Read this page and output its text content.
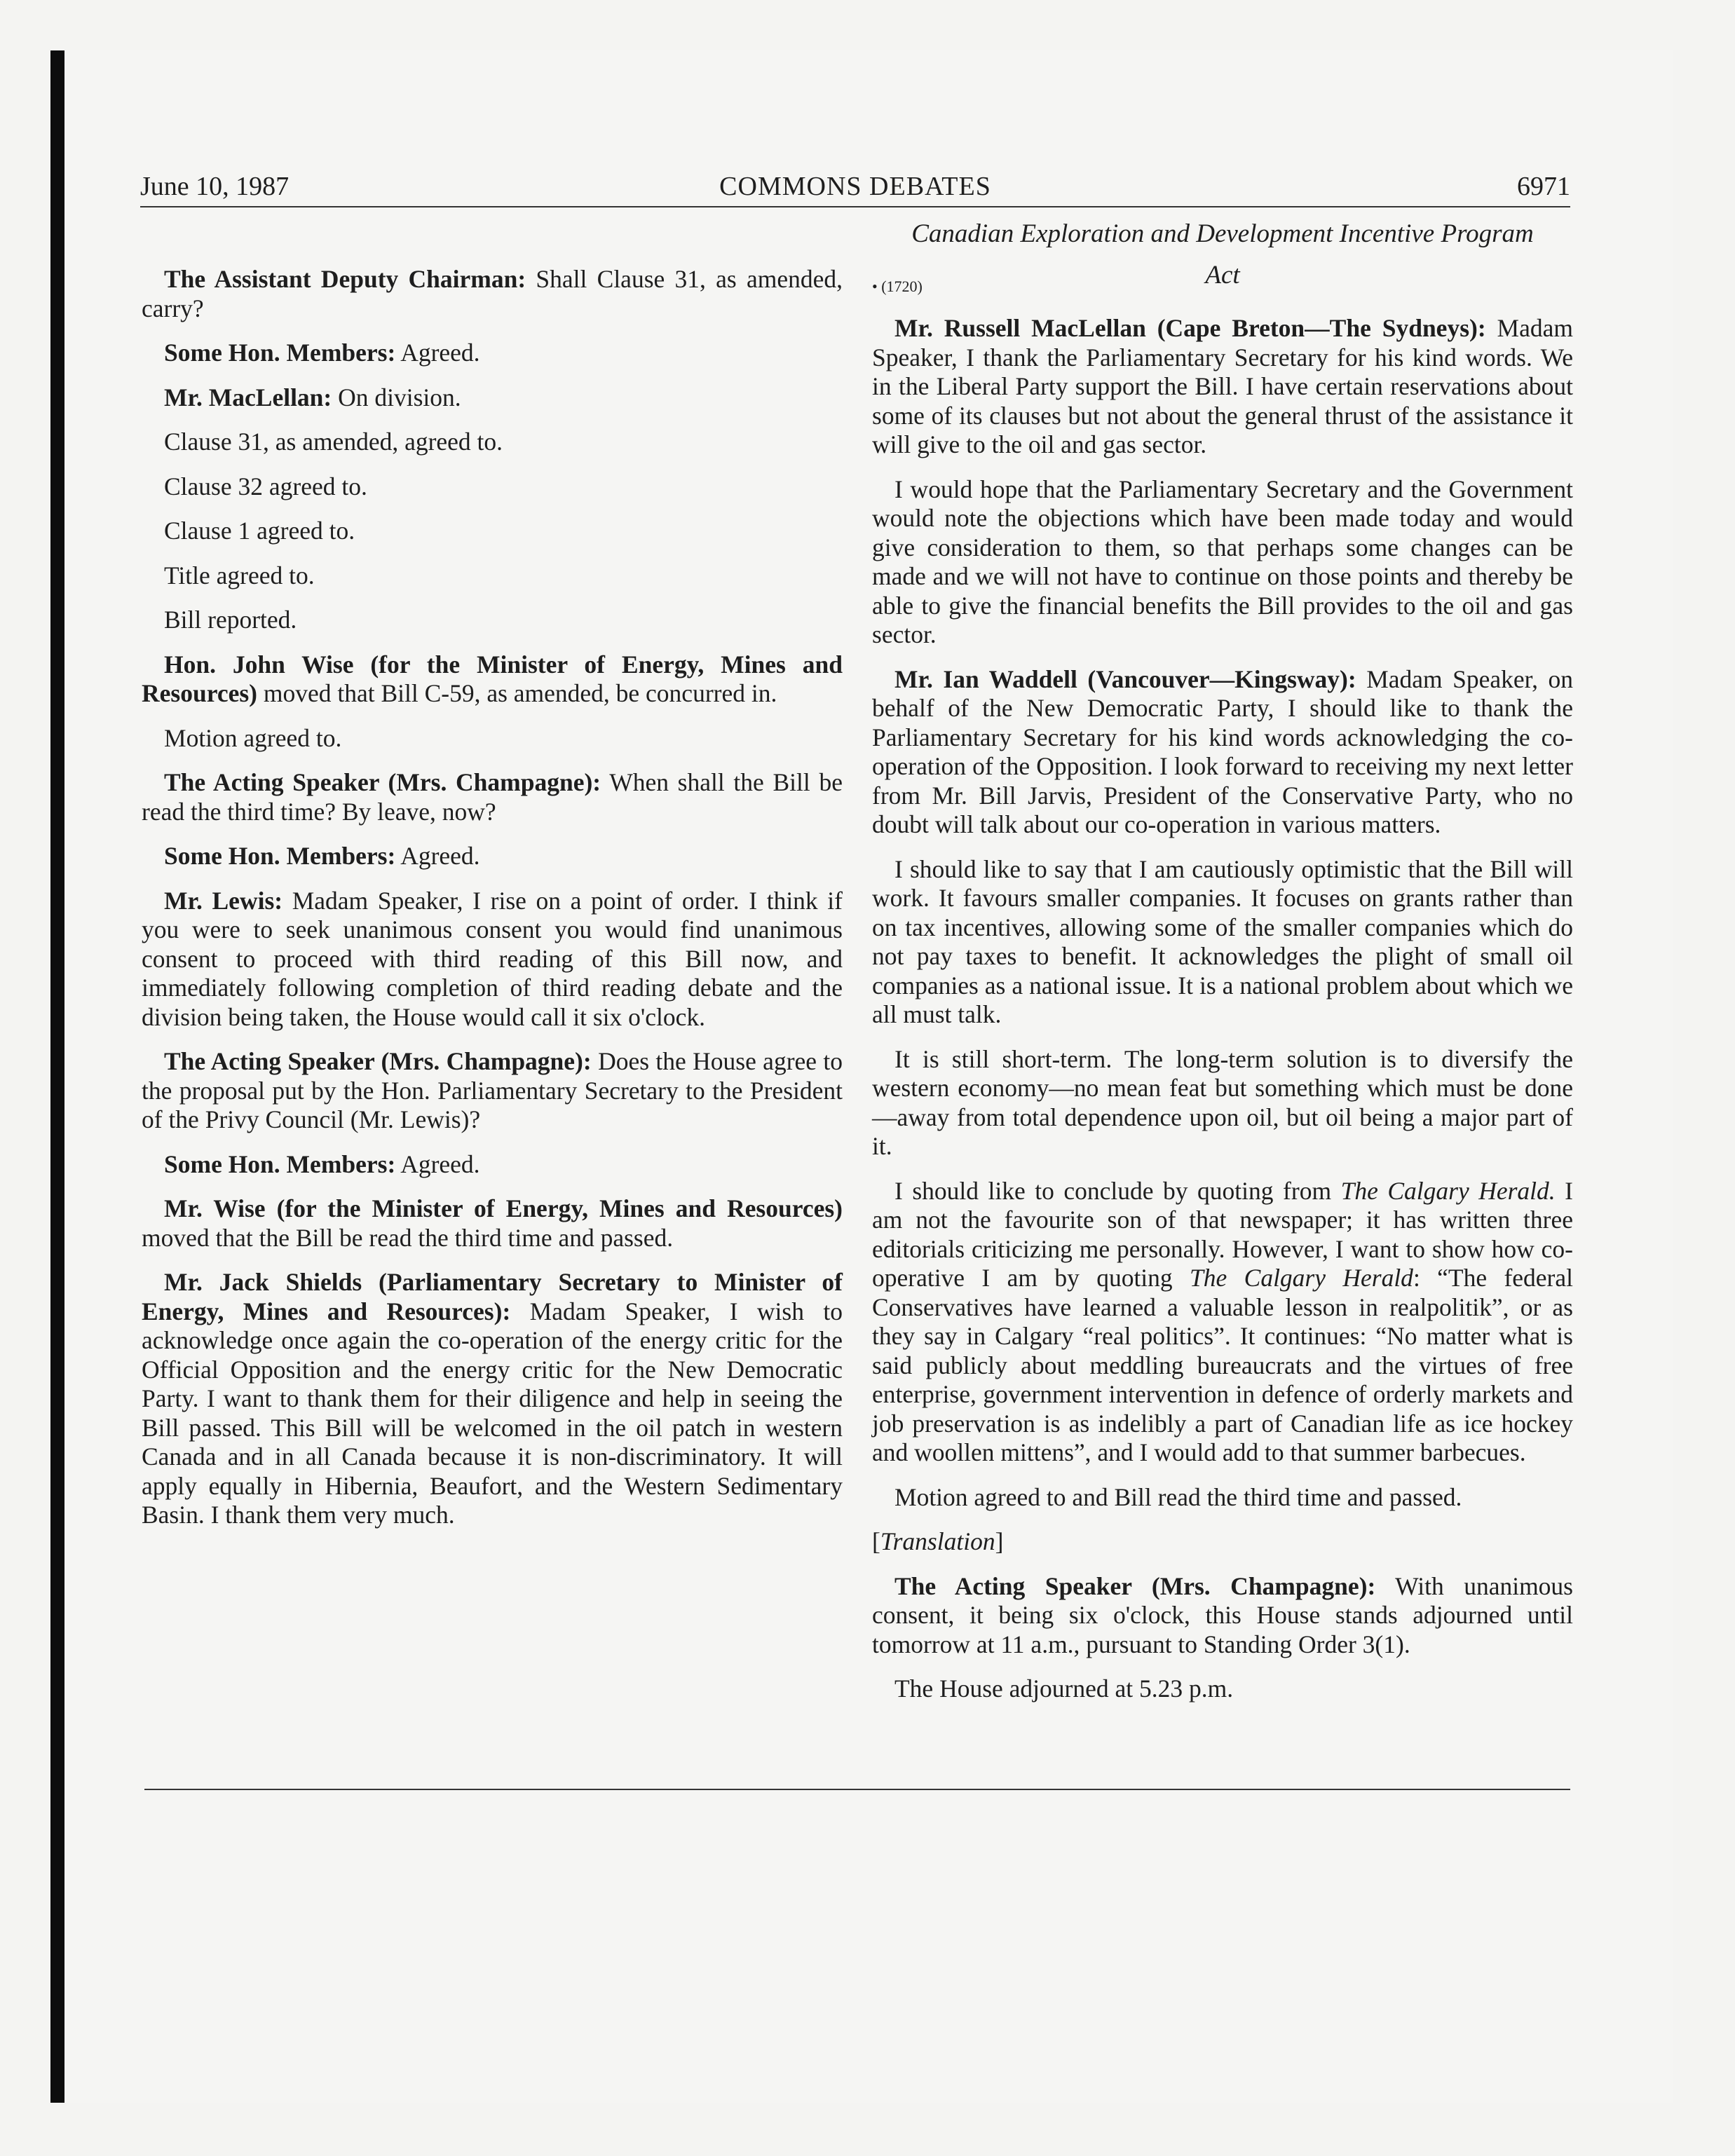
COMMONS DEBATES
June 10, 1987	6971

The Assistant Deputy Chairman: Shall Clause 31, as amended, carry?

Some Hon. Members: Agreed.

Mr. MacLellan: On division.

Clause 31, as amended, agreed to.

Clause 32 agreed to.

Clause 1 agreed to.

Title agreed to.

Bill reported.

Hon. John Wise (for the Minister of Energy, Mines and Resources) moved that Bill C-59, as amended, be concurred in.

Motion agreed to.

The Acting Speaker (Mrs. Champagne): When shall the Bill be read the third time? By leave, now?

Some Hon. Members: Agreed.

Mr. Lewis: Madam Speaker, I rise on a point of order. I think if you were to seek unanimous consent you would find unanimous consent to proceed with third reading of this Bill now, and immediately following completion of third reading debate and the division being taken, the House would call it six o'clock.

The Acting Speaker (Mrs. Champagne): Does the House agree to the proposal put by the Hon. Parliamentary Secretary to the President of the Privy Council (Mr. Lewis)?

Some Hon. Members: Agreed.

Mr. Wise (for the Minister of Energy, Mines and Resources) moved that the Bill be read the third time and passed.

Mr. Jack Shields (Parliamentary Secretary to Minister of Energy, Mines and Resources): Madam Speaker, I wish to acknowledge once again the co-operation of the energy critic for the Official Opposition and the energy critic for the New Democratic Party. I want to thank them for their diligence and help in seeing the Bill passed. This Bill will be welcomed in the oil patch in western Canada and in all Canada because it is non-discriminatory. It will apply equally in Hibernia, Beaufort, and the Western Sedimentary Basin. I thank them very much.

Canadian Exploration and Development Incentive Program

• (1720)	Act

Mr. Russell MacLellan (Cape Breton—The Sydneys): Madam Speaker, I thank the Parliamentary Secretary for his kind words. We in the Liberal Party support the Bill. I have certain reservations about some of its clauses but not about the general thrust of the assistance it will give to the oil and gas sector.

I would hope that the Parliamentary Secretary and the Government would note the objections which have been made today and would give consideration to them, so that perhaps some changes can be made and we will not have to continue on those points and thereby be able to give the financial benefits the Bill provides to the oil and gas sector.

Mr. Ian Waddell (Vancouver—Kingsway): Madam Speaker, on behalf of the New Democratic Party, I should like to thank the Parliamentary Secretary for his kind words acknowledging the co-operation of the Opposition. I look forward to receiving my next letter from Mr. Bill Jarvis, President of the Conservative Party, who no doubt will talk about our co-operation in various matters.

I should like to say that I am cautiously optimistic that the Bill will work. It favours smaller companies. It focuses on grants rather than on tax incentives, allowing some of the smaller companies which do not pay taxes to benefit. It acknowledges the plight of small oil companies as a national issue. It is a national problem about which we all must talk.

It is still short-term. The long-term solution is to diversify the western economy—no mean feat but something which must be done—away from total dependence upon oil, but oil being a major part of it.

I should like to conclude by quoting from The Calgary Herald. I am not the favourite son of that newspaper; it has written three editorials criticizing me personally. However, I want to show how co-operative I am by quoting The Calgary Herald: “The federal Conservatives have learned a valuable lesson in realpolitik”, or as they say in Calgary “real politics”. It continues: “No matter what is said publicly about meddling bureaucrats and the virtues of free enterprise, government intervention in defence of orderly markets and job preservation is as indelibly a part of Canadian life as ice hockey and woollen mittens”, and I would add to that summer barbecues.

Motion agreed to and Bill read the third time and passed.

[Translation]

The Acting Speaker (Mrs. Champagne): With unanimous consent, it being six o'clock, this House stands adjourned until tomorrow at 11 a.m., pursuant to Standing Order 3(1).

The House adjourned at 5.23 p.m.
